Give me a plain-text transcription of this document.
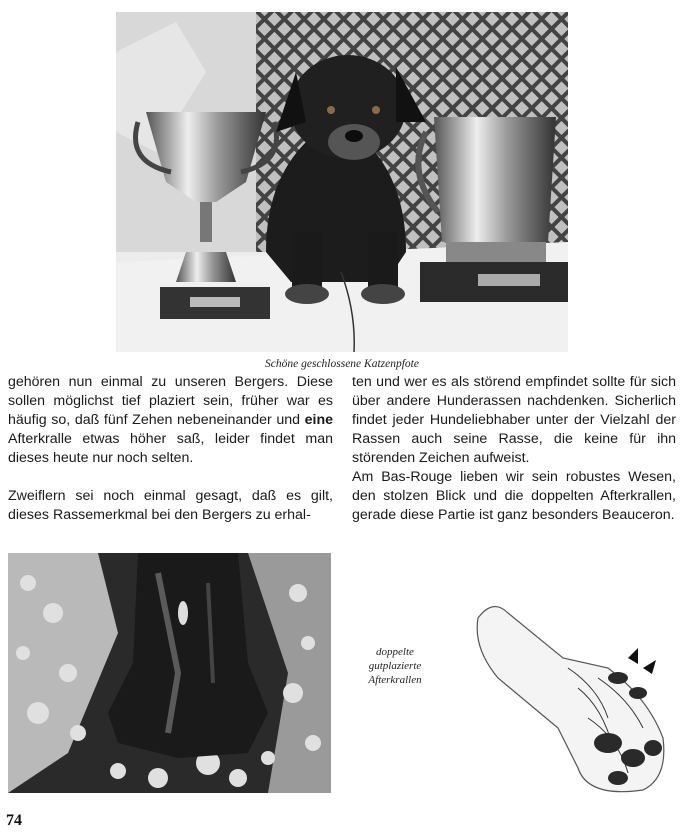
Schöne geschlossene Katzenpfote

gehören nun einmal zu unseren Bergers. Diese sollen möglichst tief plaziert sein, früher war es häufig so, daß fünf Zehen nebeneinander und eine Afterkralle etwas höher saß, leider findet man dieses heute nur noch selten.

Zweiflern sei noch einmal gesagt, daß es gilt, dieses Rassemerkmal bei den Bergers zu erhal-

ten und wer es als störend empfindet sollte für sich über andere Hunderassen nachdenken. Sicherlich findet jeder Hundeliebhaber unter der Vielzahl der Rassen auch seine Rasse, die keine für ihn störenden Zeichen aufweist.

Am Bas-Rouge lieben wir sein robustes Wesen, den stolzen Blick und die doppelten Afterkrallen, gerade diese Partie ist ganz besonders Beauceron.

doppelte
gutplazierte
Afterkrallen
74
